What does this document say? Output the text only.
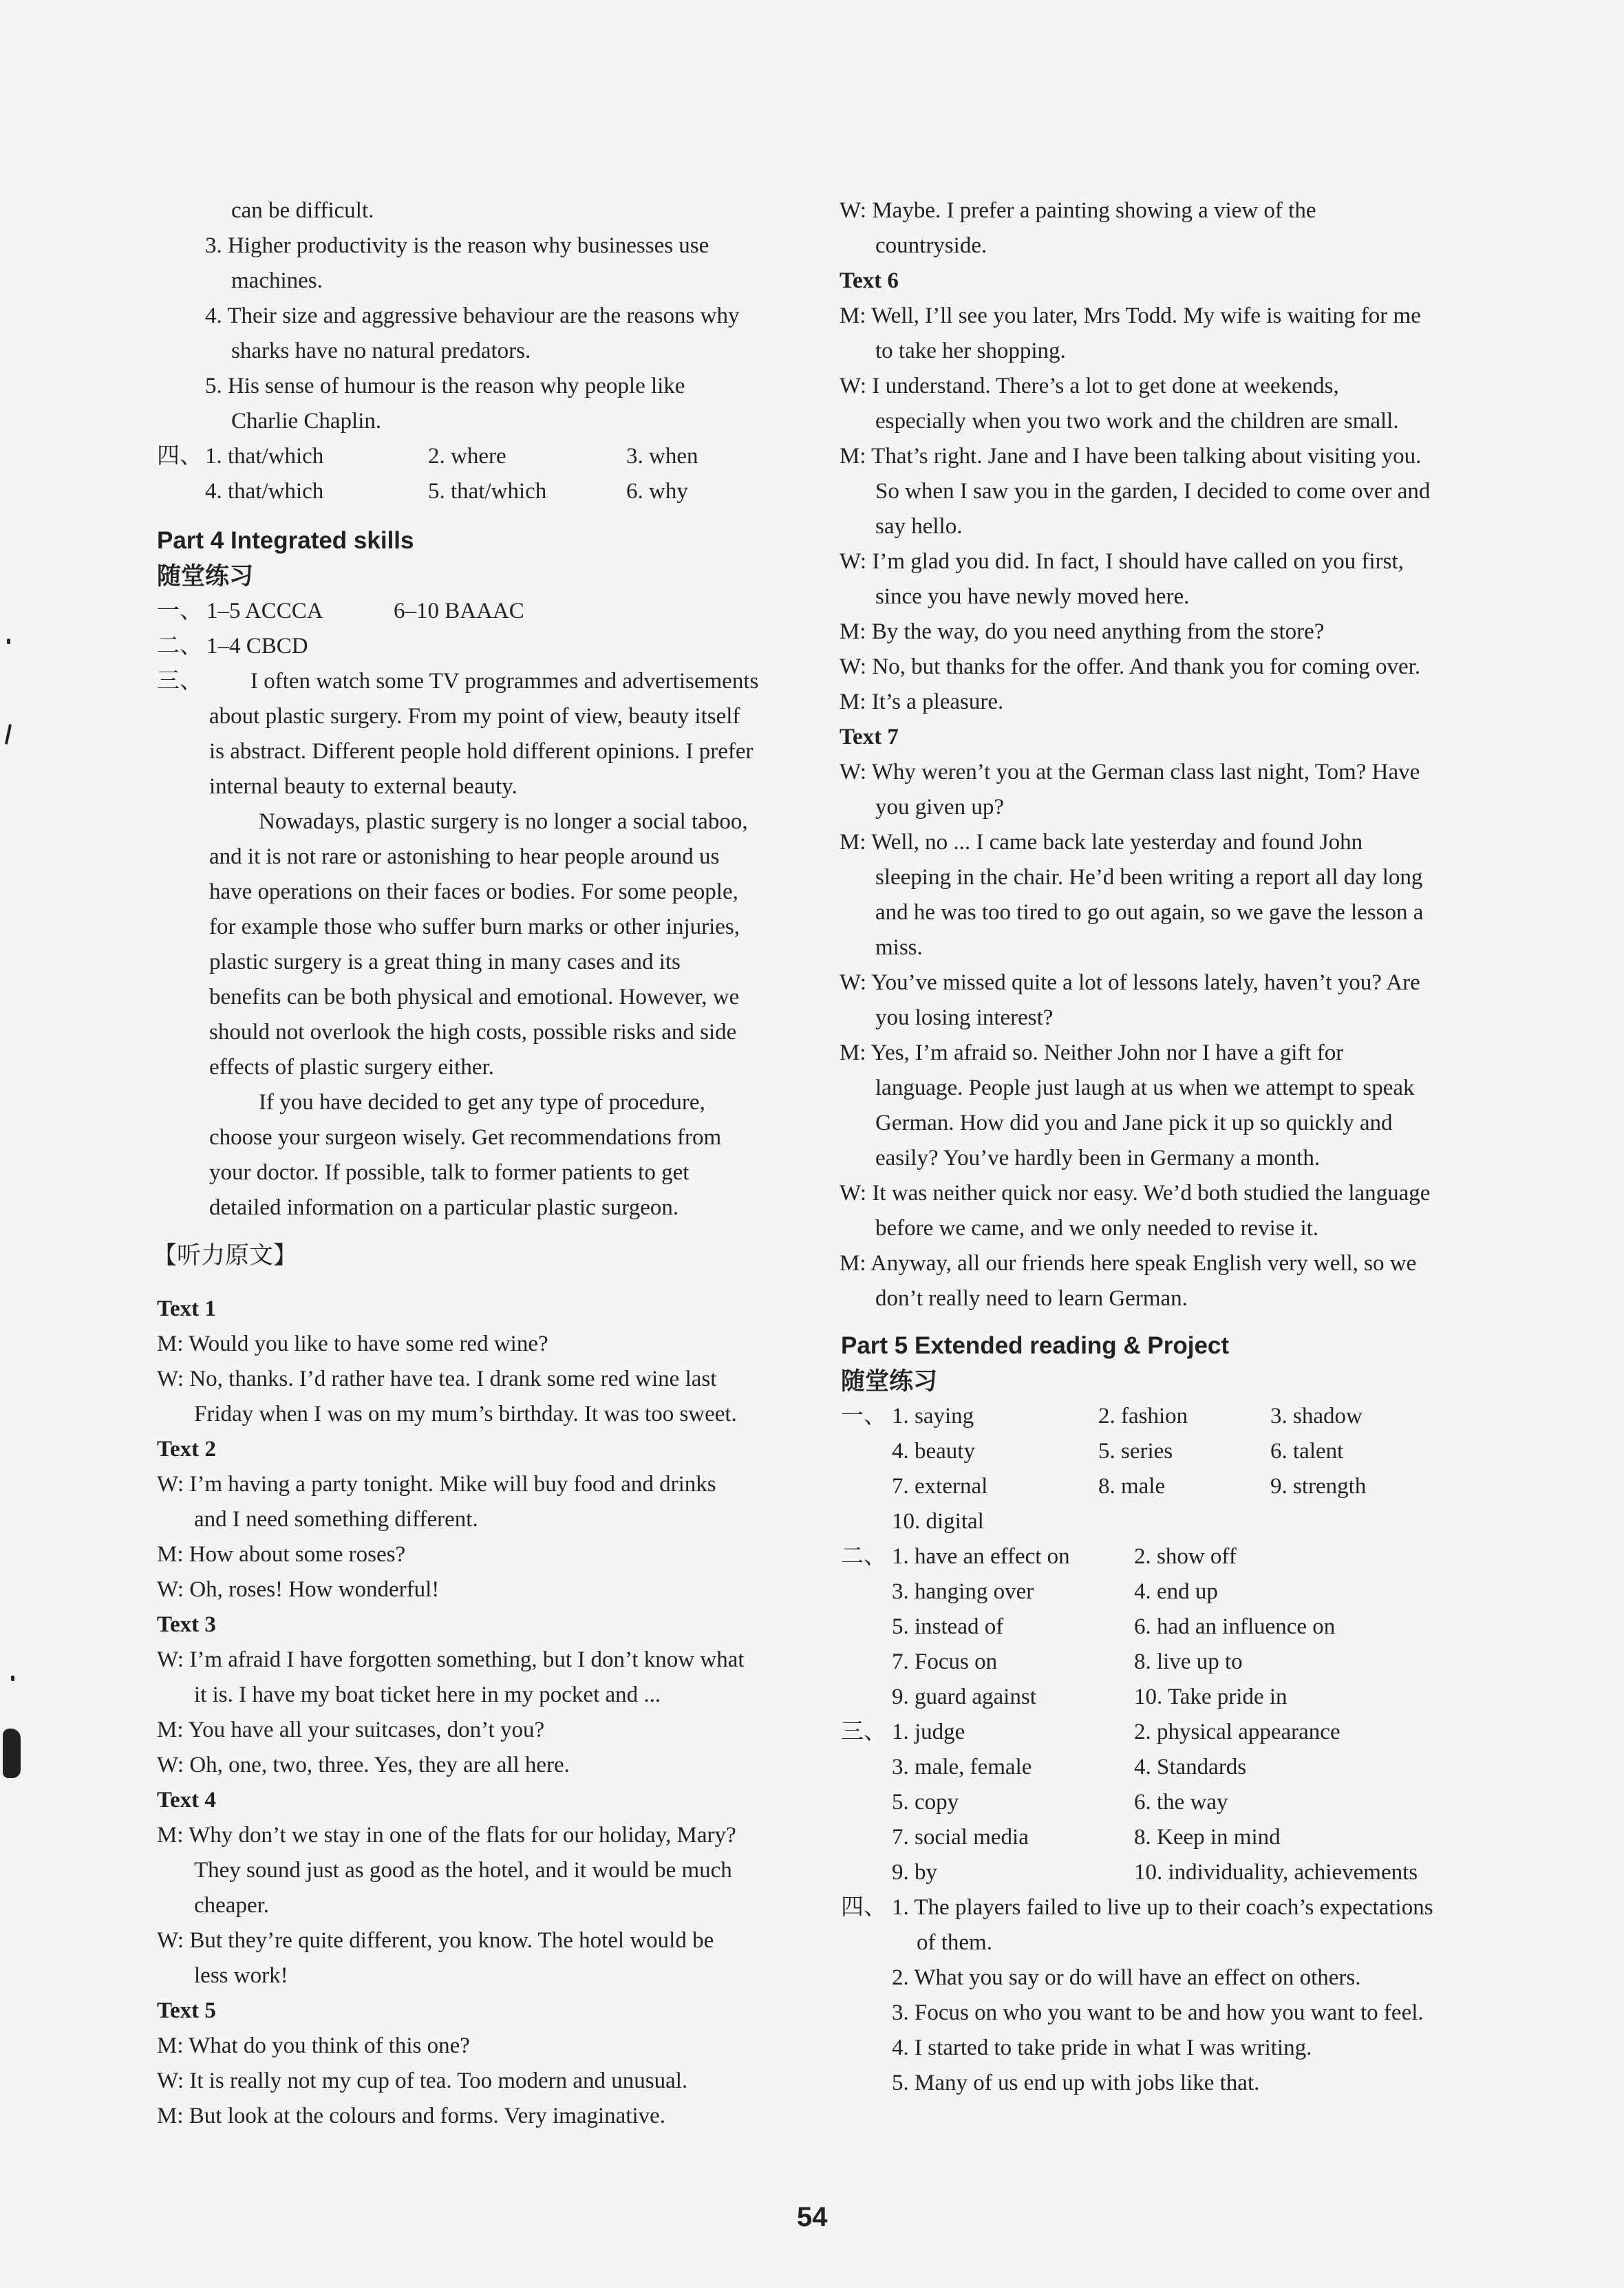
can be difficult.
3. Higher productivity is the reason why businesses use
machines.
4. Their size and aggressive behaviour are the reasons why
sharks have no natural predators.
5. His sense of humour is the reason why people like
Charlie Chaplin.
四、 1. that/which	2. where	3. when
4. that/which	5. that/which	6. why
Part 4 Integrated skills
随堂练习
一、 1–5 ACCCA	6–10 BAAAC
二、 1–4 CBCD
三、 I often watch some TV programmes and advertisements
about plastic surgery. From my point of view, beauty itself
is abstract. Different people hold different opinions. I prefer
internal beauty to external beauty.
Nowadays, plastic surgery is no longer a social taboo,
and it is not rare or astonishing to hear people around us
have operations on their faces or bodies. For some people,
for example those who suffer burn marks or other injuries,
plastic surgery is a great thing in many cases and its
benefits can be both physical and emotional. However, we
should not overlook the high costs, possible risks and side
effects of plastic surgery either.
If you have decided to get any type of procedure,
choose your surgeon wisely. Get recommendations from
your doctor. If possible, talk to former patients to get
detailed information on a particular plastic surgeon.
【听力原文】
Text 1
M: Would you like to have some red wine?
W: No, thanks. I’d rather have tea. I drank some red wine last
Friday when I was on my mum’s birthday. It was too sweet.
Text 2
W: I’m having a party tonight. Mike will buy food and drinks
and I need something different.
M: How about some roses?
W: Oh, roses! How wonderful!
Text 3
W: I’m afraid I have forgotten something, but I don’t know what
it is. I have my boat ticket here in my pocket and ...
M: You have all your suitcases, don’t you?
W: Oh, one, two, three. Yes, they are all here.
Text 4
M: Why don’t we stay in one of the flats for our holiday, Mary?
They sound just as good as the hotel, and it would be much
cheaper.
W: But they’re quite different, you know. The hotel would be
less work!
Text 5
M: What do you think of this one?
W: It is really not my cup of tea. Too modern and unusual.
M: But look at the colours and forms. Very imaginative.
W: Maybe. I prefer a painting showing a view of the
countryside.
Text 6
M: Well, I’ll see you later, Mrs Todd. My wife is waiting for me
to take her shopping.
W: I understand. There’s a lot to get done at weekends,
especially when you two work and the children are small.
M: That’s right. Jane and I have been talking about visiting you.
So when I saw you in the garden, I decided to come over and
say hello.
W: I’m glad you did. In fact, I should have called on you first,
since you have newly moved here.
M: By the way, do you need anything from the store?
W: No, but thanks for the offer. And thank you for coming over.
M: It’s a pleasure.
Text 7
W: Why weren’t you at the German class last night, Tom? Have
you given up?
M: Well, no ... I came back late yesterday and found John
sleeping in the chair. He’d been writing a report all day long
and he was too tired to go out again, so we gave the lesson a
miss.
W: You’ve missed quite a lot of lessons lately, haven’t you? Are
you losing interest?
M: Yes, I’m afraid so. Neither John nor I have a gift for
language. People just laugh at us when we attempt to speak
German. How did you and Jane pick it up so quickly and
easily? You’ve hardly been in Germany a month.
W: It was neither quick nor easy. We’d both studied the language
before we came, and we only needed to revise it.
M: Anyway, all our friends here speak English very well, so we
don’t really need to learn German.
Part 5 Extended reading & Project
随堂练习
一、 1. saying	2. fashion	3. shadow
4. beauty	5. series	6. talent
7. external	8. male	9. strength
10. digital
二、 1. have an effect on	2. show off
3. hanging over	4. end up
5. instead of	6. had an influence on
7. Focus on	8. live up to
9. guard against	10. Take pride in
三、 1. judge	2. physical appearance
3. male, female	4. Standards
5. copy	6. the way
7. social media	8. Keep in mind
9. by	10. individuality, achievements
四、 1. The players failed to live up to their coach’s expectations
of them.
2. What you say or do will have an effect on others.
3. Focus on who you want to be and how you want to feel.
4. I started to take pride in what I was writing.
5. Many of us end up with jobs like that.
54
